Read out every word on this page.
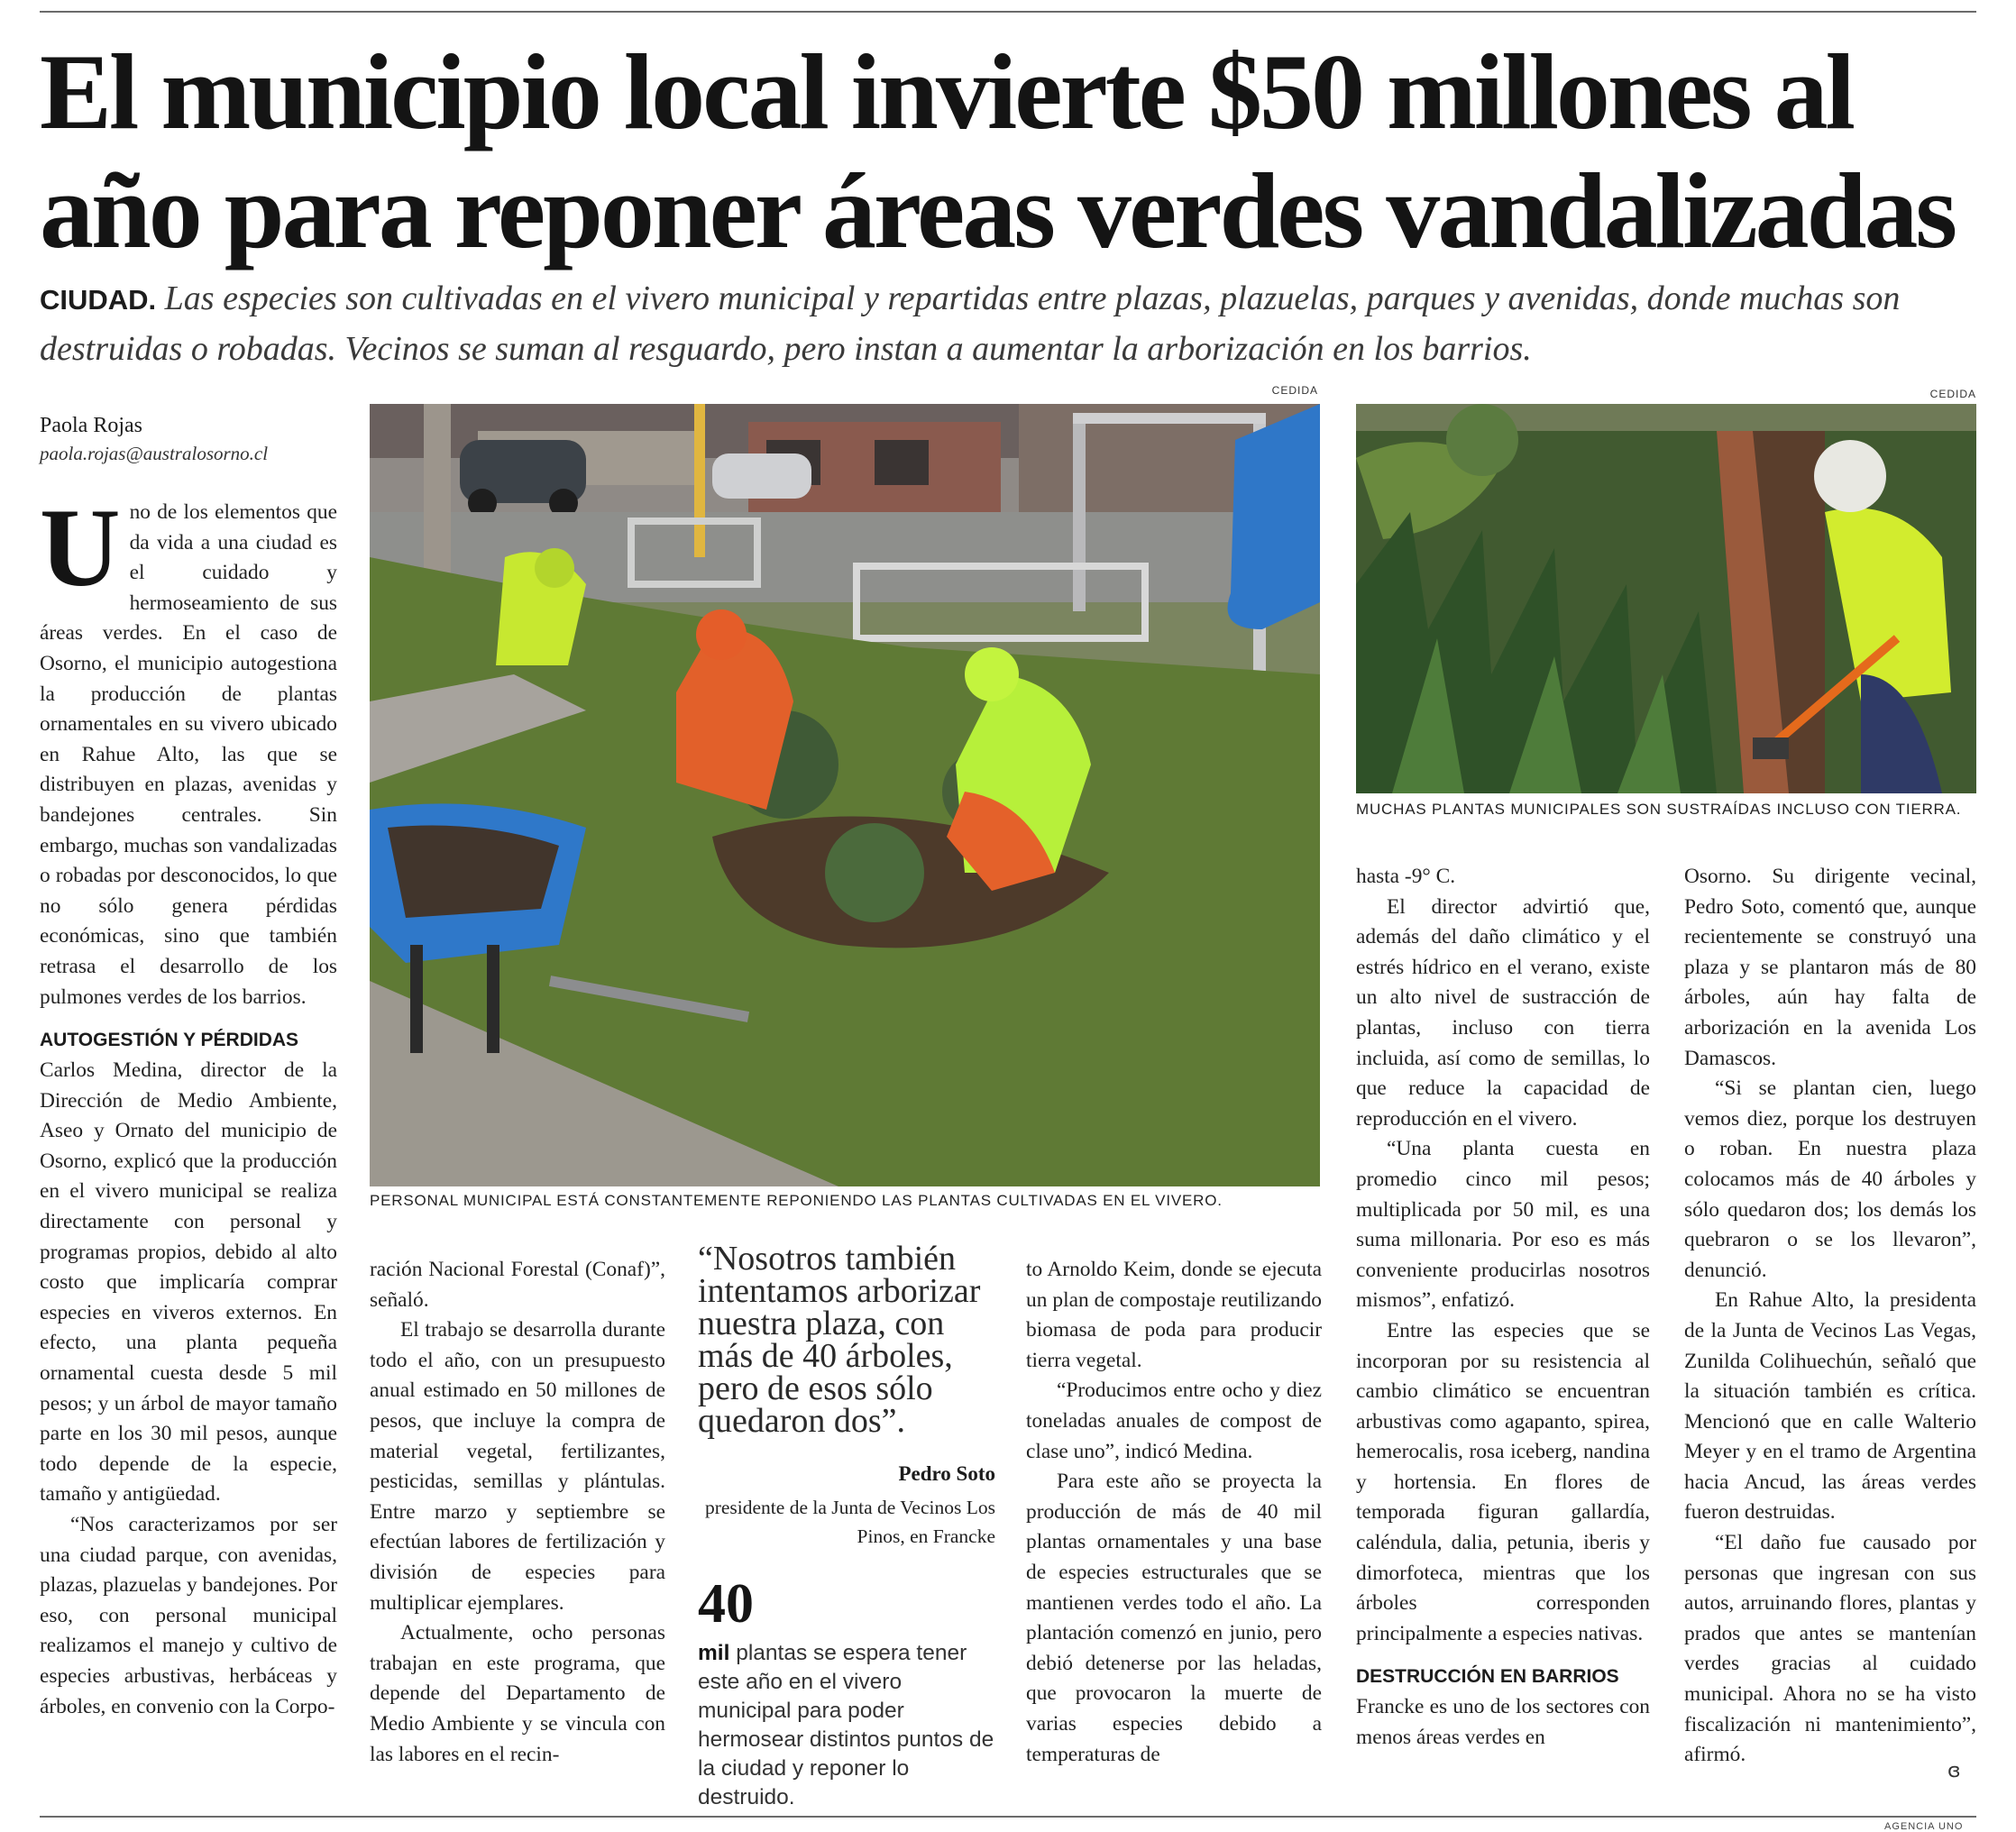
El municipio local invierte $50 millones al
año para reponer áreas verdes vandalizadas
CIUDAD. Las especies son cultivadas en el vivero municipal y repartidas entre plazas, plazuelas, parques y avenidas, donde muchas son destruidas o robadas. Vecinos se suman al resguardo, pero instan a aumentar la arborización en los barrios.
Paola Rojas
paola.rojas@australosorno.cl

Uno de los elementos que da vida a una ciudad es el cuidado y hermoseamiento de sus áreas verdes. En el caso de Osorno, el municipio autogestiona la producción de plantas ornamentales en su vivero ubicado en Rahue Alto, las que se distribuyen en plazas, avenidas y bandejones centrales. Sin embargo, muchas son vandalizadas o robadas por desconocidos, lo que no sólo genera pérdidas económicas, sino que también retrasa el desarrollo de los pulmones verdes de los barrios.

AUTOGESTIÓN Y PÉRDIDAS

Carlos Medina, director de la Dirección de Medio Ambiente, Aseo y Ornato del municipio de Osorno, explicó que la producción en el vivero municipal se realiza directamente con personal y programas propios, debido al alto costo que implicaría comprar especies en viveros externos. En efecto, una planta pequeña ornamental cuesta desde 5 mil pesos; y un árbol de mayor tamaño parte en los 30 mil pesos, aunque todo depende de la especie, tamaño y antigüedad.

“Nos caracterizamos por ser una ciudad parque, con avenidas, plazas, plazuelas y bandejones. Por eso, con personal municipal realizamos el manejo y cultivo de especies arbustivas, herbáceas y árboles, en convenio con la Corpo-

CEDIDA
PERSONAL MUNICIPAL ESTÁ CONSTANTEMENTE REPONIENDO LAS PLANTAS CULTIVADAS EN EL VIVERO.
CEDIDA
MUCHAS PLANTAS MUNICIPALES SON SUSTRAÍDAS INCLUSO CON TIERRA.

ración Nacional Forestal (Conaf)”, señaló.

El trabajo se desarrolla durante todo el año, con un presupuesto anual estimado en 50 millones de pesos, que incluye la compra de material vegetal, fertilizantes, pesticidas, semillas y plántulas. Entre marzo y septiembre se efectúan labores de fertilización y división de especies para multiplicar ejemplares.

Actualmente, ocho personas trabajan en este programa, que depende del Departamento de Medio Ambiente y se vincula con las labores en el recin-

“Nosotros también intentamos arborizar nuestra plaza, con más de 40 árboles, pero de esos sólo quedaron dos”.
Pedro Soto
presidente de la Junta de Vecinos Los Pinos, en Francke
40
mil plantas se espera tener este año en el vivero municipal para poder hermosear distintos puntos de la ciudad y reponer lo destruido.

to Arnoldo Keim, donde se ejecuta un plan de compostaje reutilizando biomasa de poda para producir tierra vegetal.

“Producimos entre ocho y diez toneladas anuales de compost de clase uno”, indicó Medina.

Para este año se proyecta la producción de más de 40 mil plantas ornamentales y una base de especies estructurales que se mantienen verdes todo el año. La plantación comenzó en junio, pero debió detenerse por las heladas, que provocaron la muerte de varias especies debido a temperaturas de

hasta -9° C.

El director advirtió que, además del daño climático y el estrés hídrico en el verano, existe un alto nivel de sustracción de plantas, incluso con tierra incluida, así como de semillas, lo que reduce la capacidad de reproducción en el vivero.

“Una planta cuesta en promedio cinco mil pesos; multiplicada por 50 mil, es una suma millonaria. Por eso es más conveniente producirlas nosotros mismos”, enfatizó.

Entre las especies que se incorporan por su resistencia al cambio climático se encuentran arbustivas como agapanto, spirea, hemerocalis, rosa iceberg, nandina y hortensia. En flores de temporada figuran gallardía, caléndula, dalia, petunia, iberis y dimorfoteca, mientras que los árboles corresponden principalmente a especies nativas.

DESTRUCCIÓN EN BARRIOS

Francke es uno de los sectores con menos áreas verdes en

Osorno. Su dirigente vecinal, Pedro Soto, comentó que, aunque recientemente se construyó una plaza y se plantaron más de 80 árboles, aún hay falta de arborización en la avenida Los Damascos.

“Si se plantan cien, luego vemos diez, porque los destruyen o roban. En nuestra plaza colocamos más de 40 árboles y sólo quedaron dos; los demás los quebraron o se los llevaron”, denunció.

En Rahue Alto, la presidenta de la Junta de Vecinos Las Vegas, Zunilda Colihuechún, señaló que la situación también es crítica. Mencionó que en calle Walterio Meyer y en el tramo de Argentina hacia Ancud, las áreas verdes fueron destruidas.

“El daño fue causado por personas que ingresan con sus autos, arruinando flores, plantas y prados que antes se mantenían verdes gracias al cuidado municipal. Ahora no se ha visto fiscalización ni mantenimiento”, afirmó.

ɞ
AGENCIA UNO
